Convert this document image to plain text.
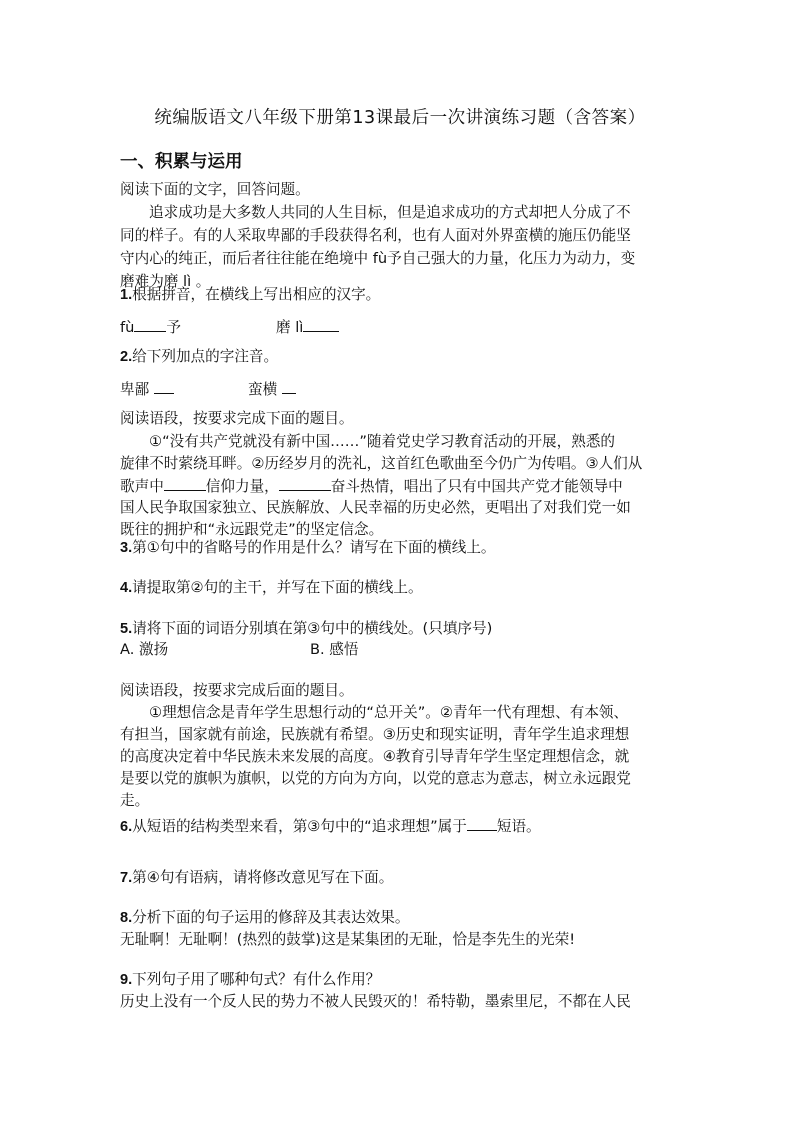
统编版语文八年级下册第13课最后一次讲演练习题（含答案）
一、积累与运用
阅读下面的文字，回答问题。
追求成功是大多数人共同的人生目标，但是追求成功的方式却把人分成了不
同的样子。有的人采取卑鄙的手段获得名利，也有人面对外界蛮横的施压仍能坚
守内心的纯正，而后者往往能在绝境中 fù予自己强大的力量，化压力为动力，变
磨难为磨 lì 。
1.根据拼音，在横线上写出相应的汉字。
fù 予	磨 lì
2.给下列加点的字注音。
卑鄙	蛮横
阅读语段，按要求完成下面的题目。
①“没有共产党就没有新中国……”随着党史学习教育活动的开展，熟悉的
旋律不时萦绕耳畔。②历经岁月的洗礼，这首红色歌曲至今仍广为传唱。③人们从
歌声中	信仰力量，	奋斗热情，唱出了只有中国共产党才能领导中
国人民争取国家独立、民族解放、人民幸福的历史必然，更唱出了对我们党一如
既往的拥护和“永远跟党走”的坚定信念。
3.第①句中的省略号的作用是什么？请写在下面的横线上。
4.请提取第②句的主干，并写在下面的横线上。
5.请将下面的词语分别填在第③句中的横线处。(只填序号)
A. 激扬	B. 感悟
阅读语段，按要求完成后面的题目。
①理想信念是青年学生思想行动的“总开关”。②青年一代有理想、有本领、
有担当，国家就有前途，民族就有希望。③历史和现实证明，青年学生追求理想
的高度决定着中华民族未来发展的高度。④教育引导青年学生坚定理想信念，就
是要以党的旗帜为旗帜，以党的方向为方向，以党的意志为意志，树立永远跟党
走。
6.从短语的结构类型来看，第③句中的“追求理想”属于 短语。
7.第④句有语病，请将修改意见写在下面。
8.分析下面的句子运用的修辞及其表达效果。
无耻啊！无耻啊！(热烈的鼓掌)这是某集团的无耻，恰是李先生的光荣!
9.下列句子用了哪种句式？有什么作用？
历史上没有一个反人民的势力不被人民毁灭的！希特勒，墨索里尼，不都在人民
